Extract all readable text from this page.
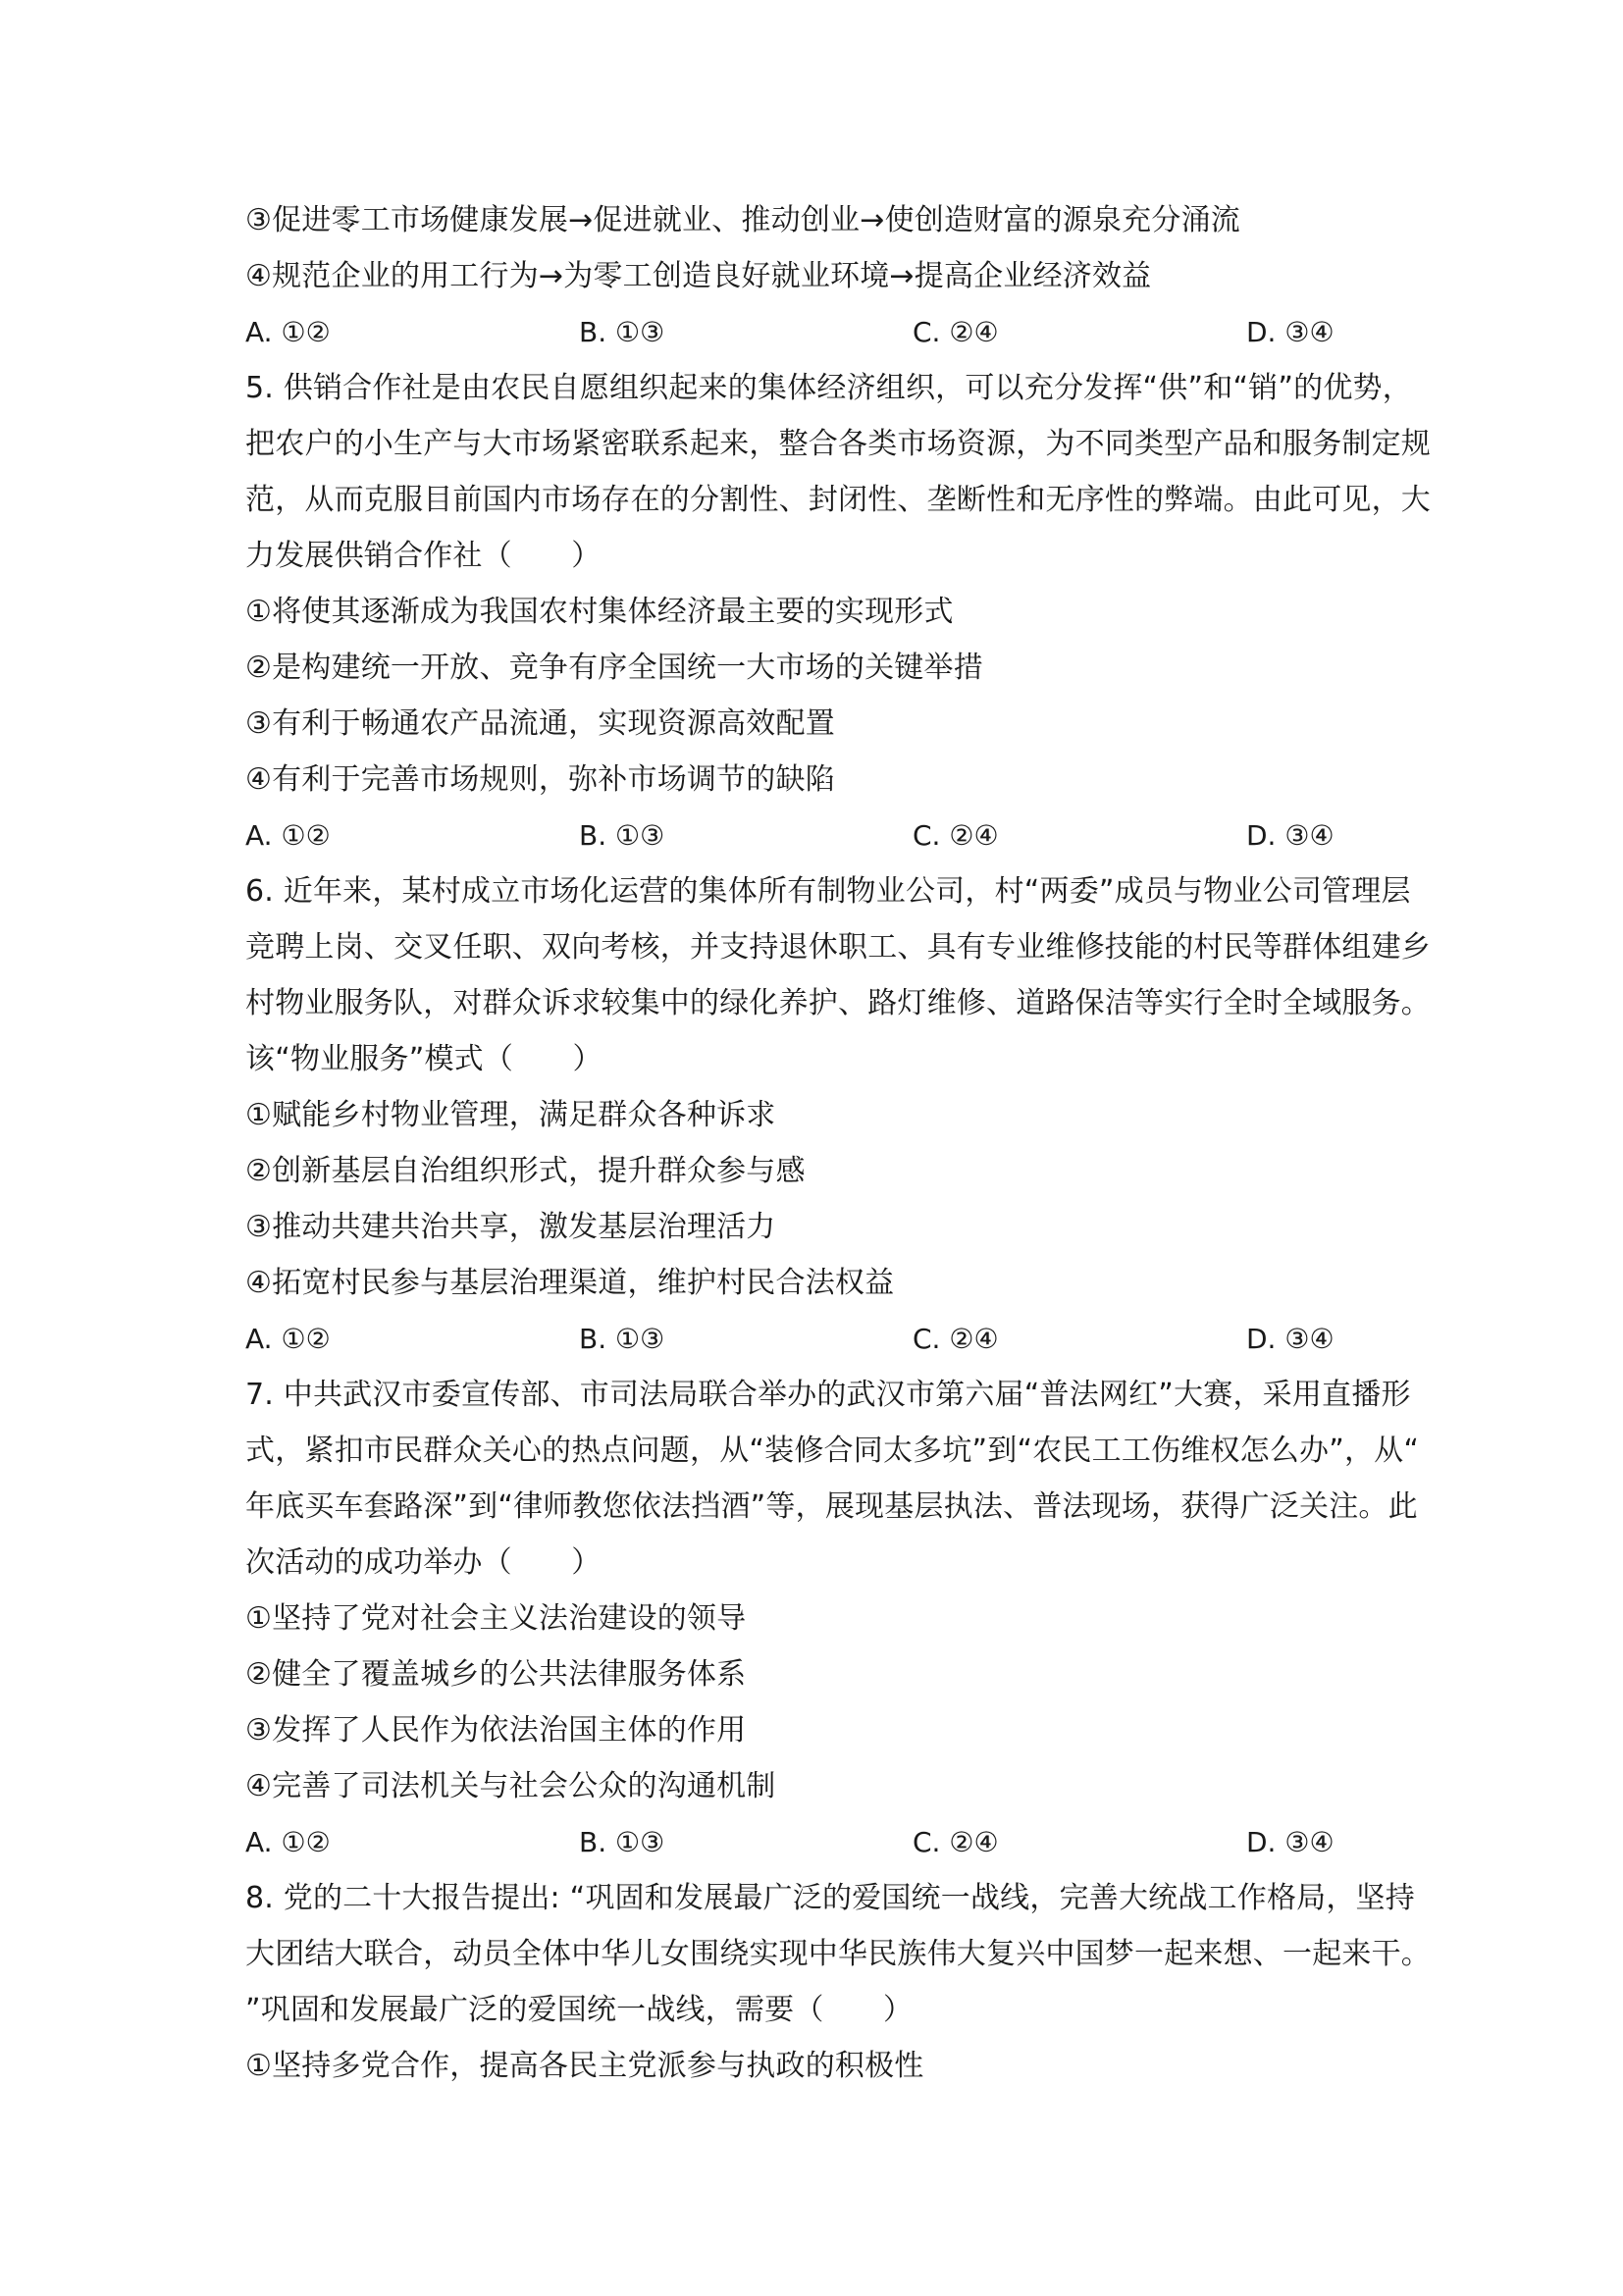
③促进零工市场健康发展→促进就业、推动创业→使创造财富的源泉充分涌流
④规范企业的用工行为→为零工创造良好就业环境→提高企业经济效益
A. ①②	B. ①③	C. ②④	D. ③④
5. 供销合作社是由农民自愿组织起来的集体经济组织，可以充分发挥“供”和“销”的优势，
把农户的小生产与大市场紧密联系起来，整合各类市场资源，为不同类型产品和服务制定规
范，从而克服目前国内市场存在的分割性、封闭性、垄断性和无序性的弊端。由此可见，大
力发展供销合作社（　　）
①将使其逐渐成为我国农村集体经济最主要的实现形式
②是构建统一开放、竞争有序全国统一大市场的关键举措
③有利于畅通农产品流通，实现资源高效配置
④有利于完善市场规则，弥补市场调节的缺陷
A. ①②	B. ①③	C. ②④	D. ③④
6. 近年来，某村成立市场化运营的集体所有制物业公司，村“两委”成员与物业公司管理层
竞聘上岗、交叉任职、双向考核，并支持退休职工、具有专业维修技能的村民等群体组建乡
村物业服务队，对群众诉求较集中的绿化养护、路灯维修、道路保洁等实行全时全域服务。
该“物业服务”模式（　　）
①赋能乡村物业管理，满足群众各种诉求
②创新基层自治组织形式，提升群众参与感
③推动共建共治共享，激发基层治理活力
④拓宽村民参与基层治理渠道，维护村民合法权益
A. ①②	B. ①③	C. ②④	D. ③④
7. 中共武汉市委宣传部、市司法局联合举办的武汉市第六届“普法网红”大赛，采用直播形
式，紧扣市民群众关心的热点问题，从“装修合同太多坑”到“农民工工伤维权怎么办”，从“
年底买车套路深”到“律师教您依法挡酒”等，展现基层执法、普法现场，获得广泛关注。此
次活动的成功举办（　　）
①坚持了党对社会主义法治建设的领导
②健全了覆盖城乡的公共法律服务体系
③发挥了人民作为依法治国主体的作用
④完善了司法机关与社会公众的沟通机制
A. ①②	B. ①③	C. ②④	D. ③④
8. 党的二十大报告提出: “巩固和发展最广泛的爱国统一战线，完善大统战工作格局，坚持
大团结大联合，动员全体中华儿女围绕实现中华民族伟大复兴中国梦一起来想、一起来干。
”巩固和发展最广泛的爱国统一战线，需要（　　）
①坚持多党合作，提高各民主党派参与执政的积极性
